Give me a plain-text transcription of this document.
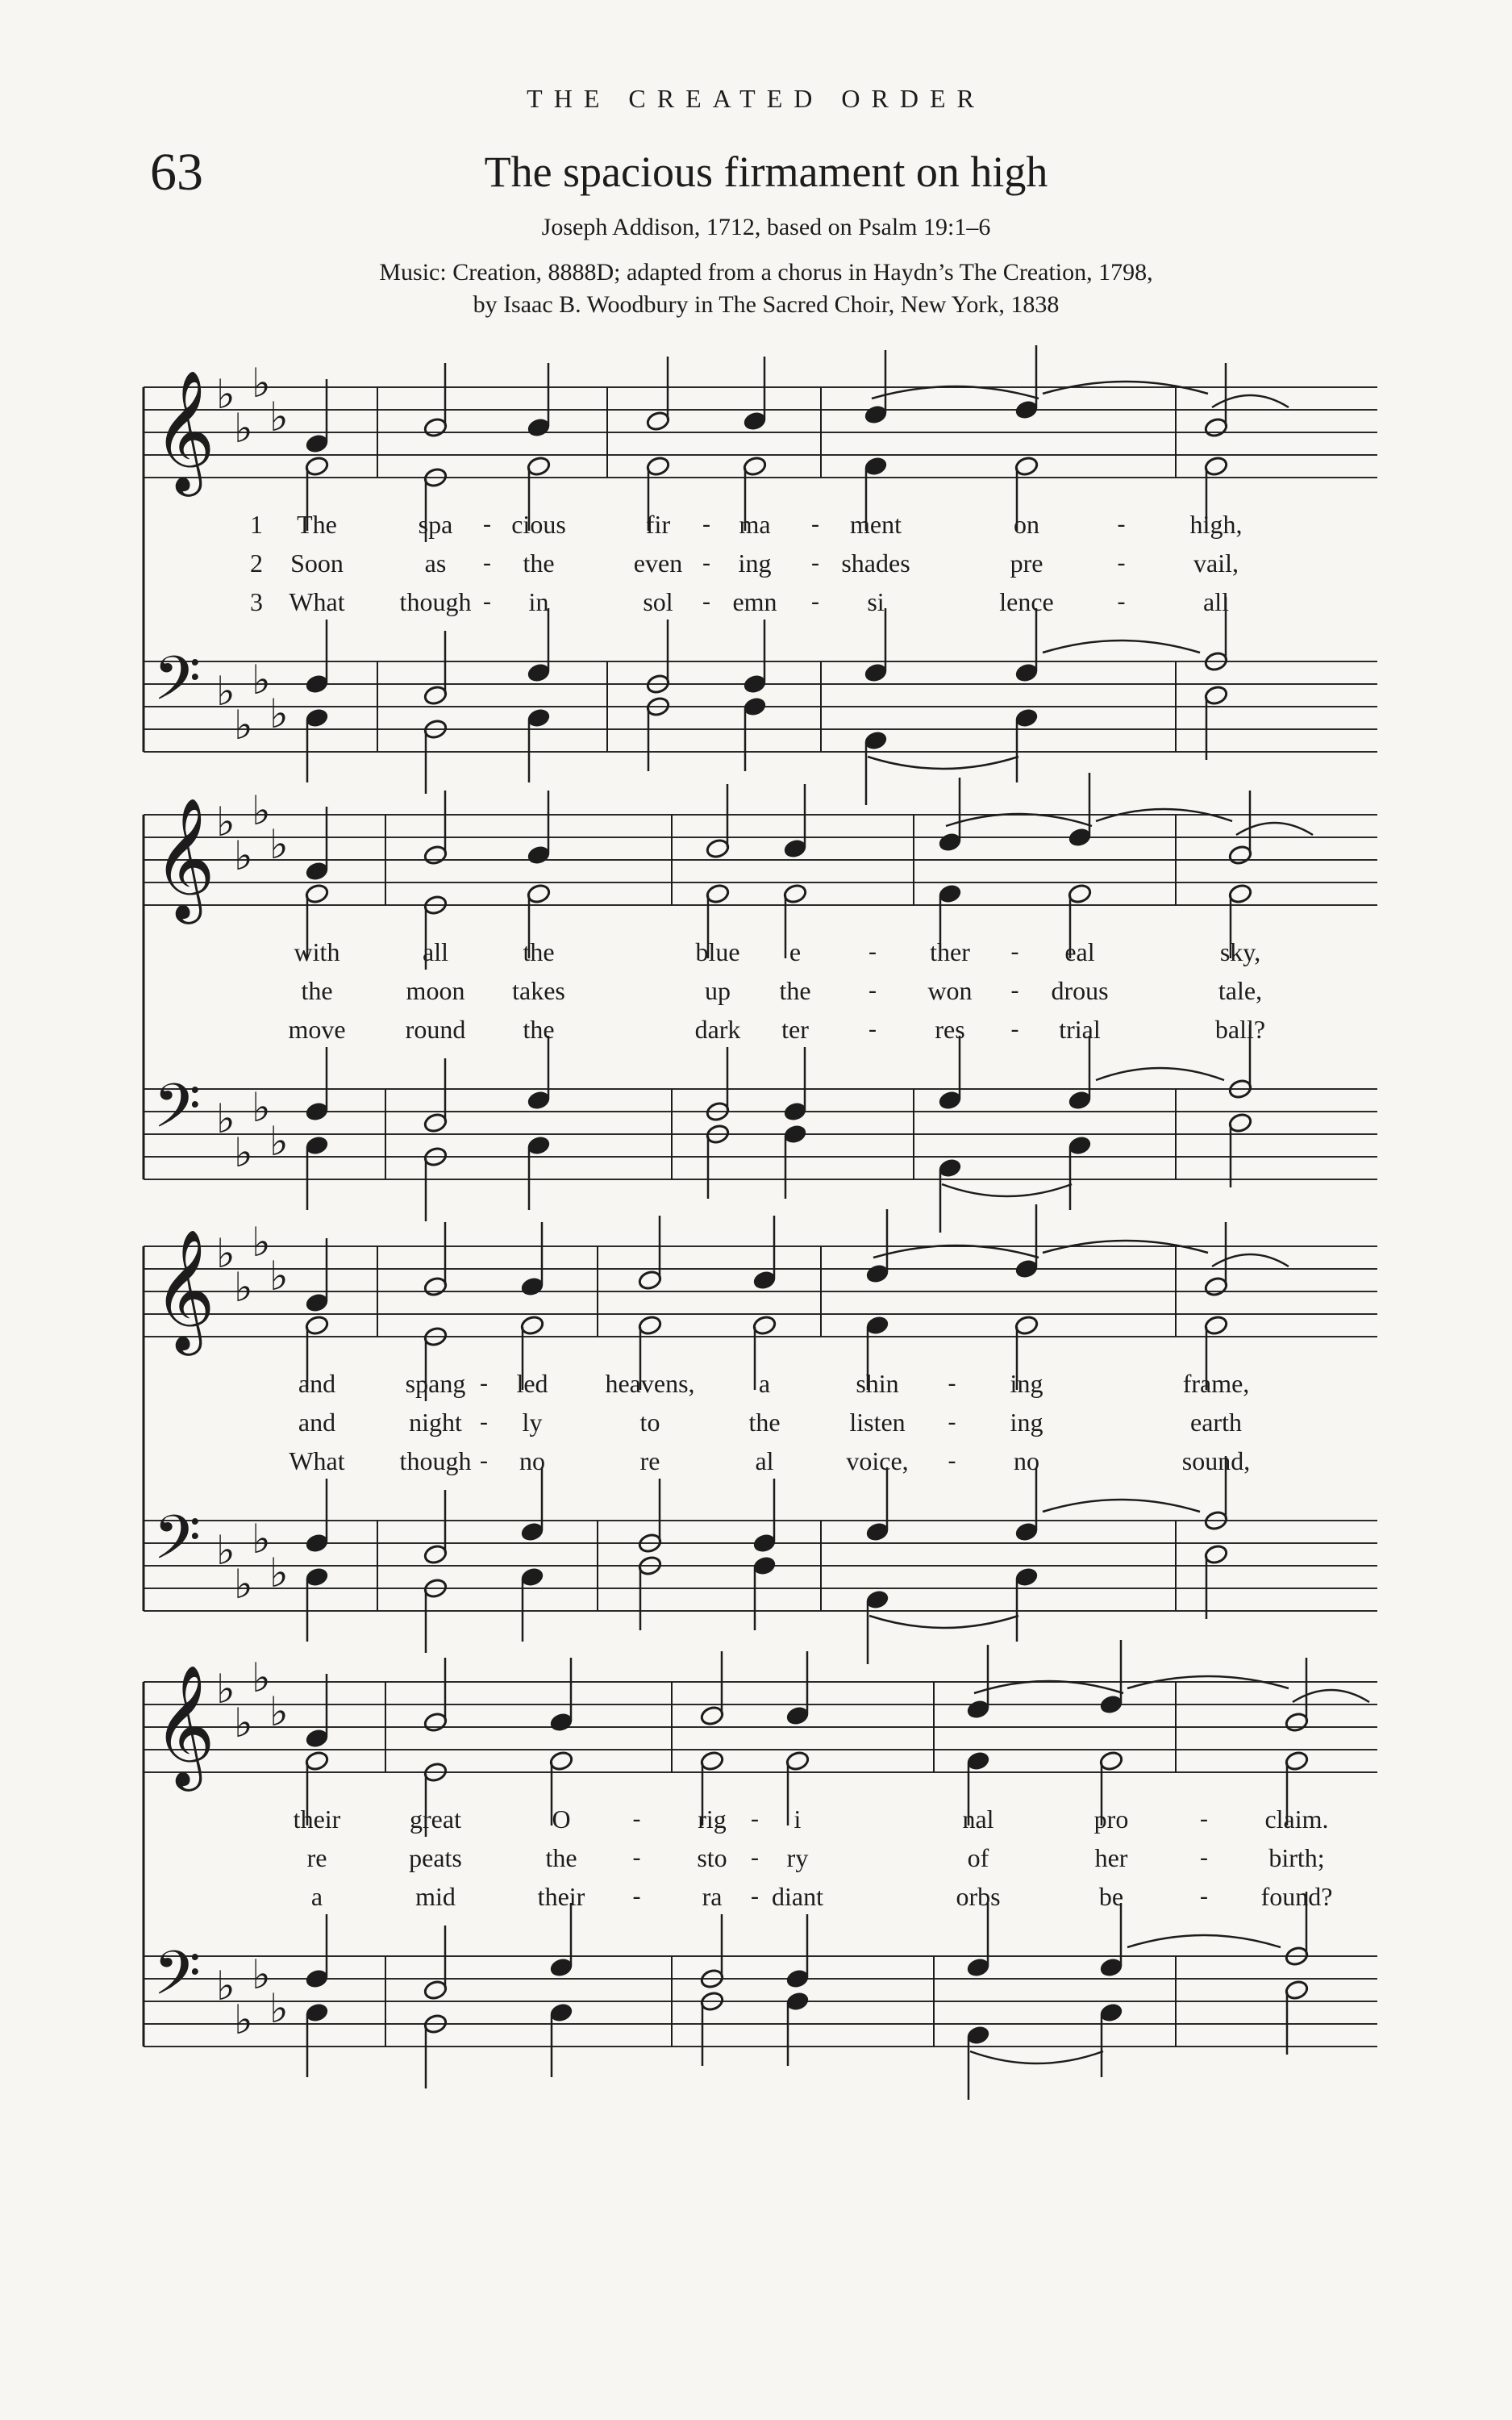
THE CREATED ORDER
63	The spacious firmament on high
Joseph Addison, 1712, based on Psalm 19:1–6
Music: Creation, 8888D; adapted from a chorus in Haydn’s The Creation, 1798,
by Isaac B. Woodbury in The Sacred Choir, New York, 1838
𝄞
𝄢
♭
♭
♭
♭
♭
♭
♭
♭
1 The	spa cious	fir	ma	ment	on	high,
-	-	-	-
2 Soon	as	the	even ing	shades	pre	vail,
-	-	-	-
3 What though in	sol emn	si	lence	all
-	-	-	-
𝄞
𝄢
♭
♭
♭
♭
♭
♭
♭
♭
with	all	the	blue e	ther	eal	sky,
-	-
the	moon takes	up the	won	drous	tale,
-	-
move round the	dark ter	res	trial	ball?
-	-
𝄞
𝄢
♭
♭
♭
♭
♭
♭
♭
♭
and	spang led heavens, a	shin	ing	frame,
-	-
and	night ly	to	the	listen	ing	earth
-	-
What though no	re	al	voice,	no	sound,
-	-
𝄞
𝄢
♭
♭
♭
♭
♭
♭
♭
♭
their	great	O	rig	i	nal	pro	claim.
-	-	-
re	peats	the	sto ry	of	her	birth;
-	-	-
a	mid	their	ra diant	orbs	be	found?
-	-	-
